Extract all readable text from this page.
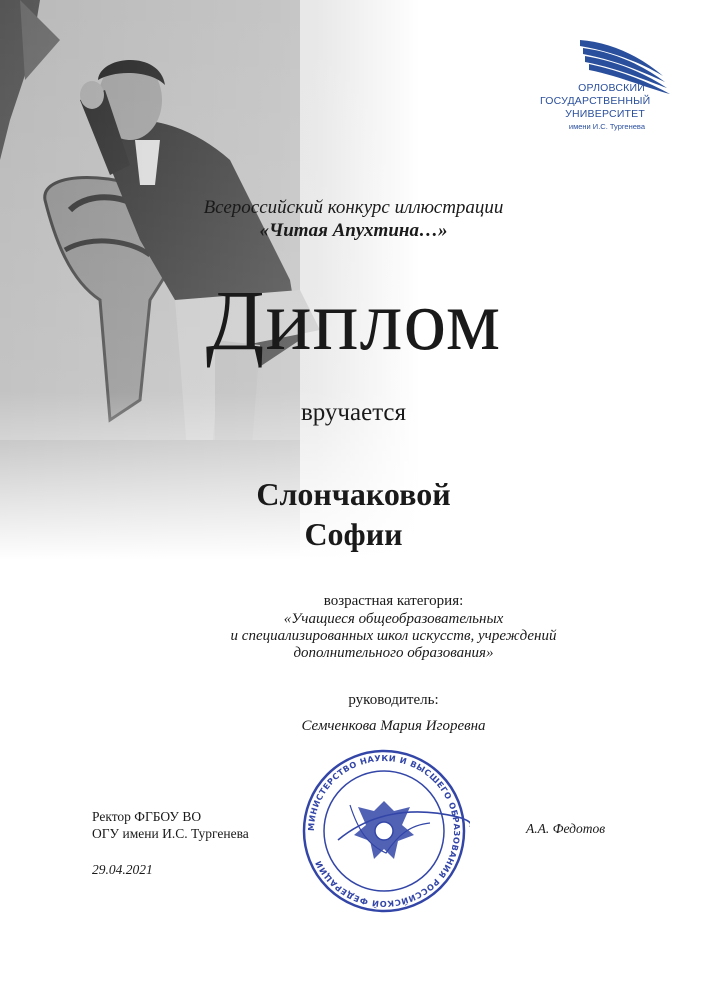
ОРЛОВСКИЙ
ГОСУДАРСТВЕННЫЙ
УНИВЕРСИТЕТ
имени И.С. Тургенева
Всероссийский конкурс иллюстрации
«Читая Апухтина…»
Диплом
вручается
Слончаковой
Софии
возрастная категория:
«Учащиеся общеобразовательных
и специализированных школ искусств, учреждений
дополнительного образования»
руководитель:
Семченкова Мария Игоревна
МИНИСТЕРСТВО НАУКИ И ВЫСШЕГО ОБРАЗОВАНИЯ РОССИЙСКОЙ ФЕДЕРАЦИИ
Ректор ФГБОУ ВО
ОГУ имени И.С. Тургенева	А.А. Федотов
29.04.2021
